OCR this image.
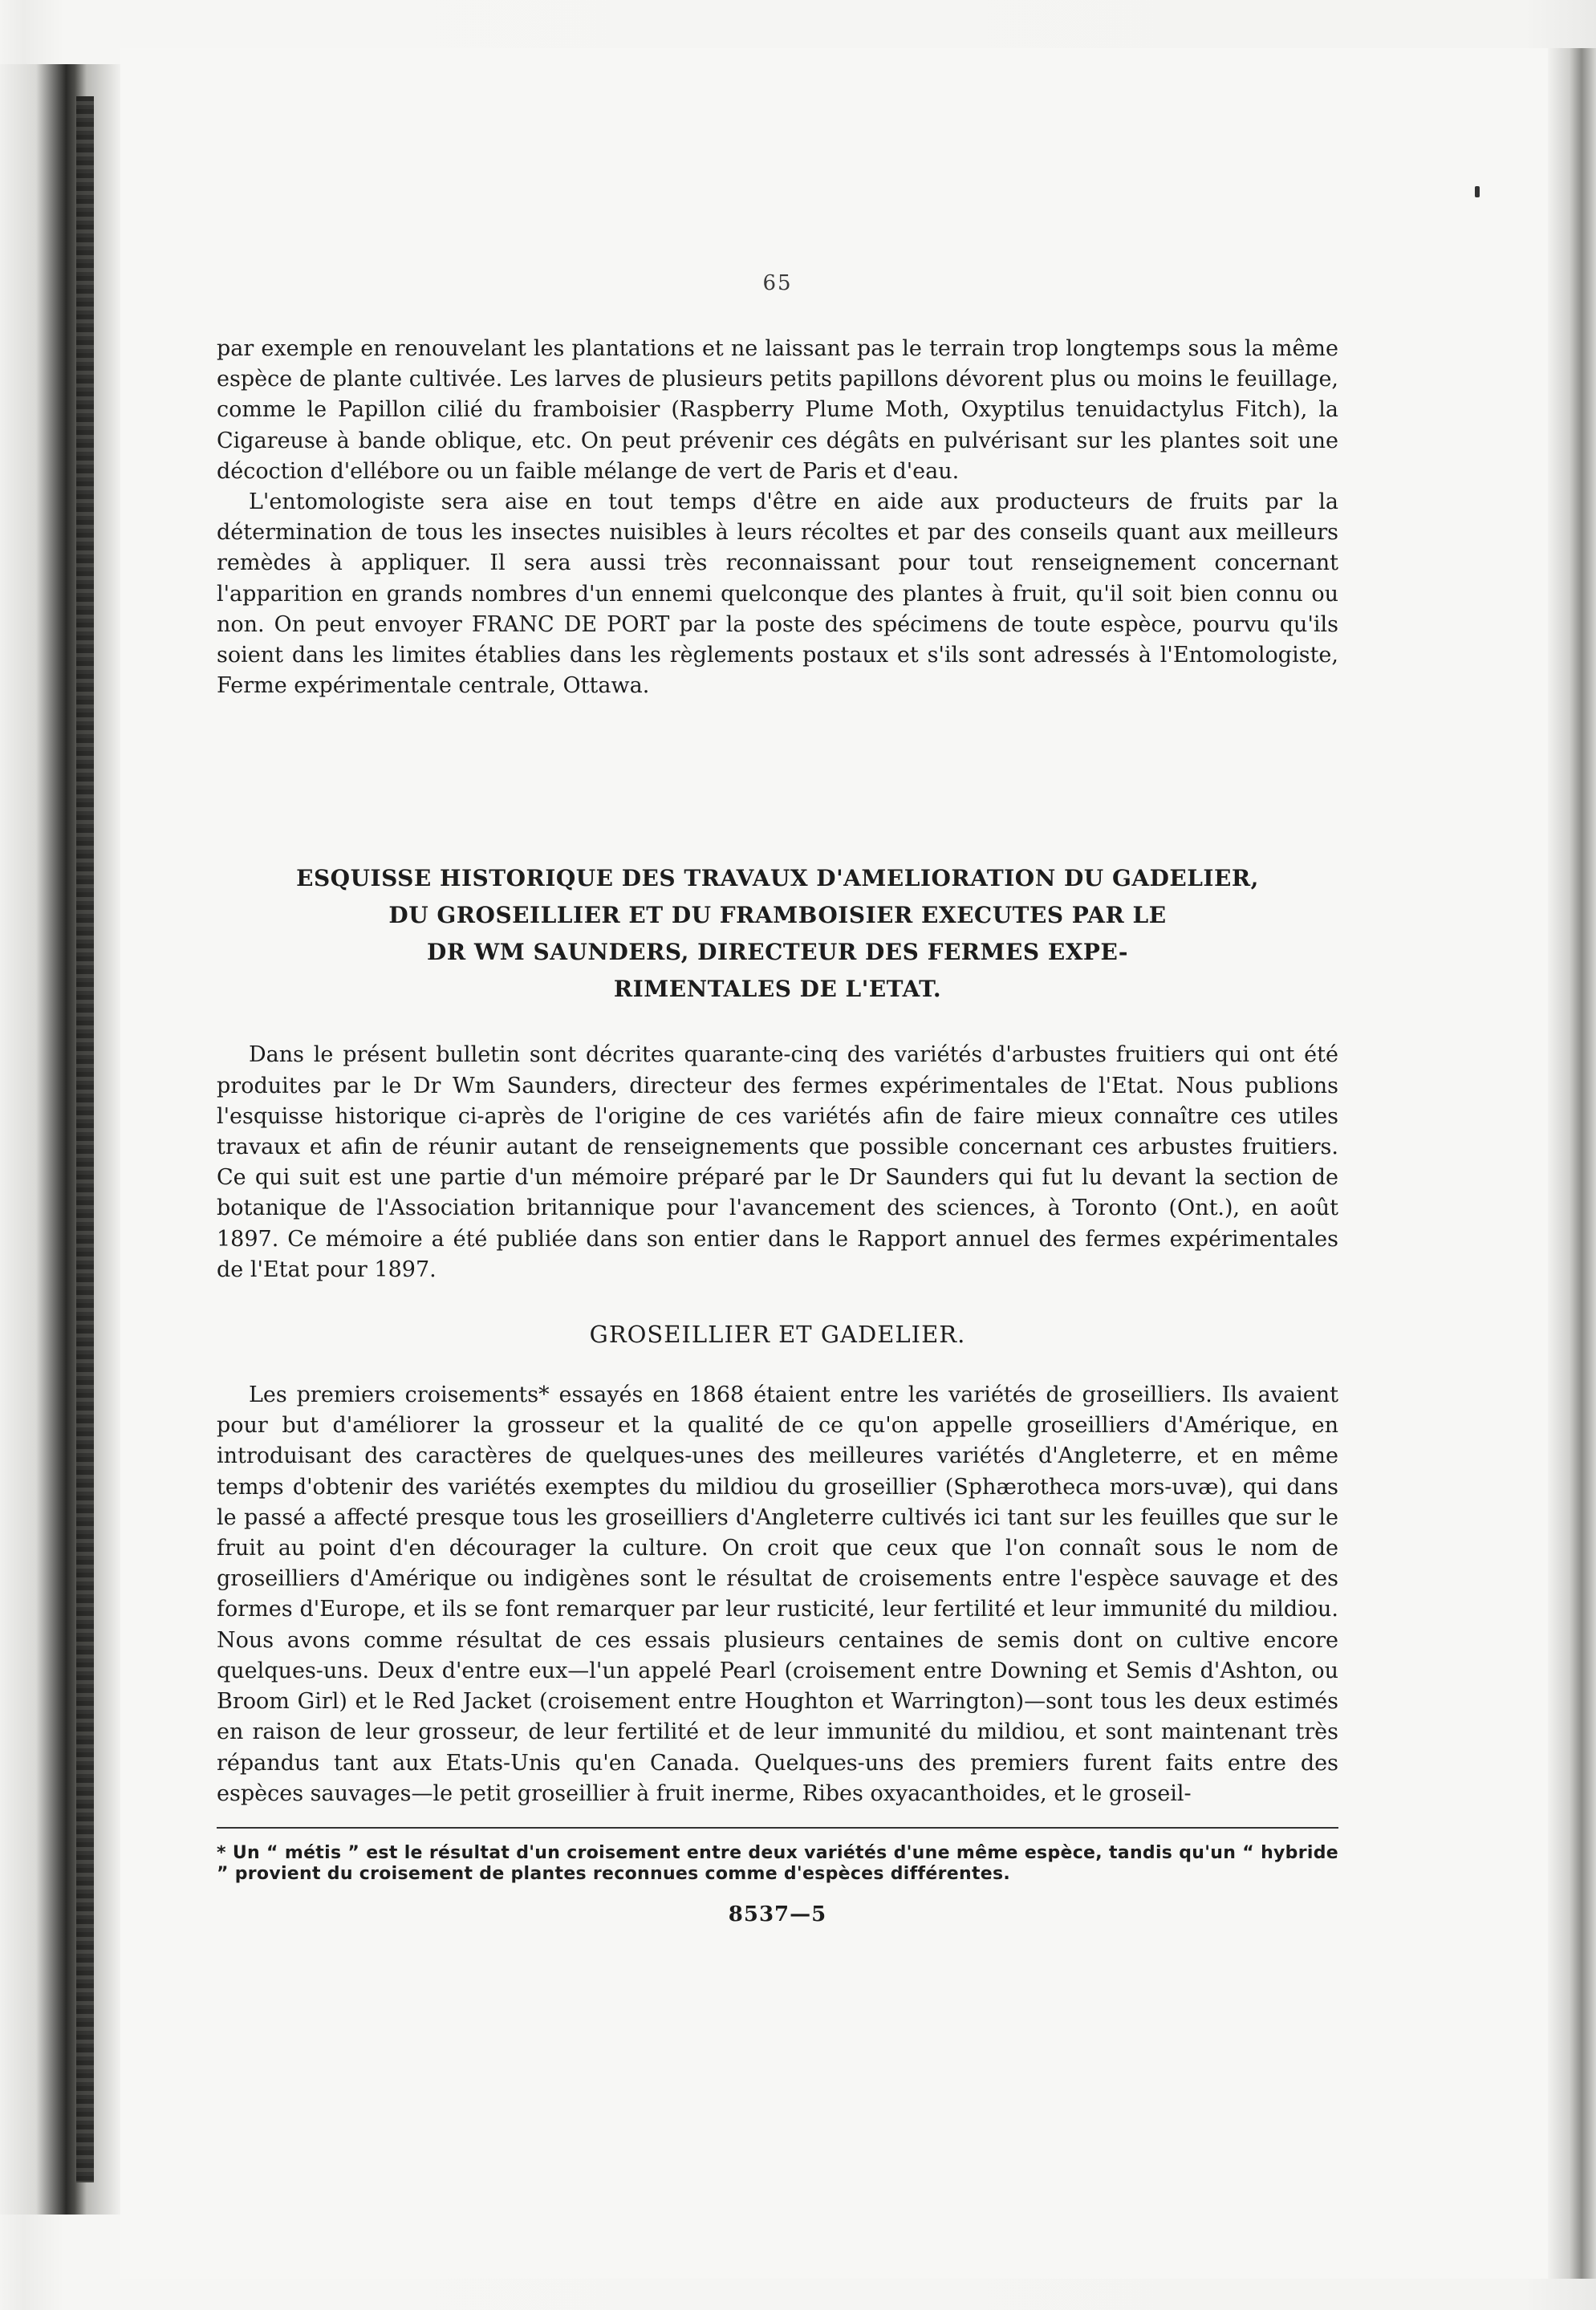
65

par exemple en renouvelant les plantations et ne laissant pas le terrain trop longtemps sous la même espèce de plante cultivée. Les larves de plusieurs petits papillons dévorent plus ou moins le feuillage, comme le Papillon cilié du framboisier (Raspberry Plume Moth, Oxyptilus tenuidactylus Fitch), la Cigareuse à bande oblique, etc. On peut prévenir ces dégâts en pulvérisant sur les plantes soit une décoction d'ellébore ou un faible mélange de vert de Paris et d'eau.

L'entomologiste sera aise en tout temps d'être en aide aux producteurs de fruits par la détermination de tous les insectes nuisibles à leurs récoltes et par des conseils quant aux meilleurs remèdes à appliquer. Il sera aussi très reconnaissant pour tout renseignement concernant l'apparition en grands nombres d'un ennemi quelconque des plantes à fruit, qu'il soit bien connu ou non. On peut envoyer FRANC DE PORT par la poste des spécimens de toute espèce, pourvu qu'ils soient dans les limites établies dans les règlements postaux et s'ils sont adressés à l'Entomologiste, Ferme expérimentale centrale, Ottawa.

ESQUISSE HISTORIQUE DES TRAVAUX D'AMELIORATION DU GADELIER,
DU GROSEILLIER ET DU FRAMBOISIER EXECUTES PAR LE
DR WM SAUNDERS, DIRECTEUR DES FERMES EXPE-
RIMENTALES DE L'ETAT.

Dans le présent bulletin sont décrites quarante-cinq des variétés d'arbustes fruitiers qui ont été produites par le Dr Wm Saunders, directeur des fermes expérimentales de l'Etat. Nous publions l'esquisse historique ci-après de l'origine de ces variétés afin de faire mieux connaître ces utiles travaux et afin de réunir autant de renseignements que possible concernant ces arbustes fruitiers. Ce qui suit est une partie d'un mémoire préparé par le Dr Saunders qui fut lu devant la section de botanique de l'Association britannique pour l'avancement des sciences, à Toronto (Ont.), en août 1897. Ce mémoire a été publiée dans son entier dans le Rapport annuel des fermes expérimentales de l'Etat pour 1897.

GROSEILLIER ET GADELIER.

Les premiers croisements* essayés en 1868 étaient entre les variétés de groseilliers. Ils avaient pour but d'améliorer la grosseur et la qualité de ce qu'on appelle groseilliers d'Amérique, en introduisant des caractères de quelques-unes des meilleures variétés d'Angleterre, et en même temps d'obtenir des variétés exemptes du mildiou du groseillier (Sphærotheca mors-uvæ), qui dans le passé a affecté presque tous les groseilliers d'Angleterre cultivés ici tant sur les feuilles que sur le fruit au point d'en décourager la culture. On croit que ceux que l'on connaît sous le nom de groseilliers d'Amérique ou indigènes sont le résultat de croisements entre l'espèce sauvage et des formes d'Europe, et ils se font remarquer par leur rusticité, leur fertilité et leur immunité du mildiou. Nous avons comme résultat de ces essais plusieurs centaines de semis dont on cultive encore quelques-uns. Deux d'entre eux—l'un appelé Pearl (croisement entre Downing et Semis d'Ashton, ou Broom Girl) et le Red Jacket (croisement entre Houghton et Warrington)—sont tous les deux estimés en raison de leur grosseur, de leur fertilité et de leur immunité du mildiou, et sont maintenant très répandus tant aux Etats-Unis qu'en Canada. Quelques-uns des premiers furent faits entre des espèces sauvages—le petit groseillier à fruit inerme, Ribes oxyacanthoides, et le groseil-

* Un “ métis ” est le résultat d'un croisement entre deux variétés d'une même espèce, tandis qu'un “ hybride ” provient du croisement de plantes reconnues comme d'espèces différentes.

8537—5
